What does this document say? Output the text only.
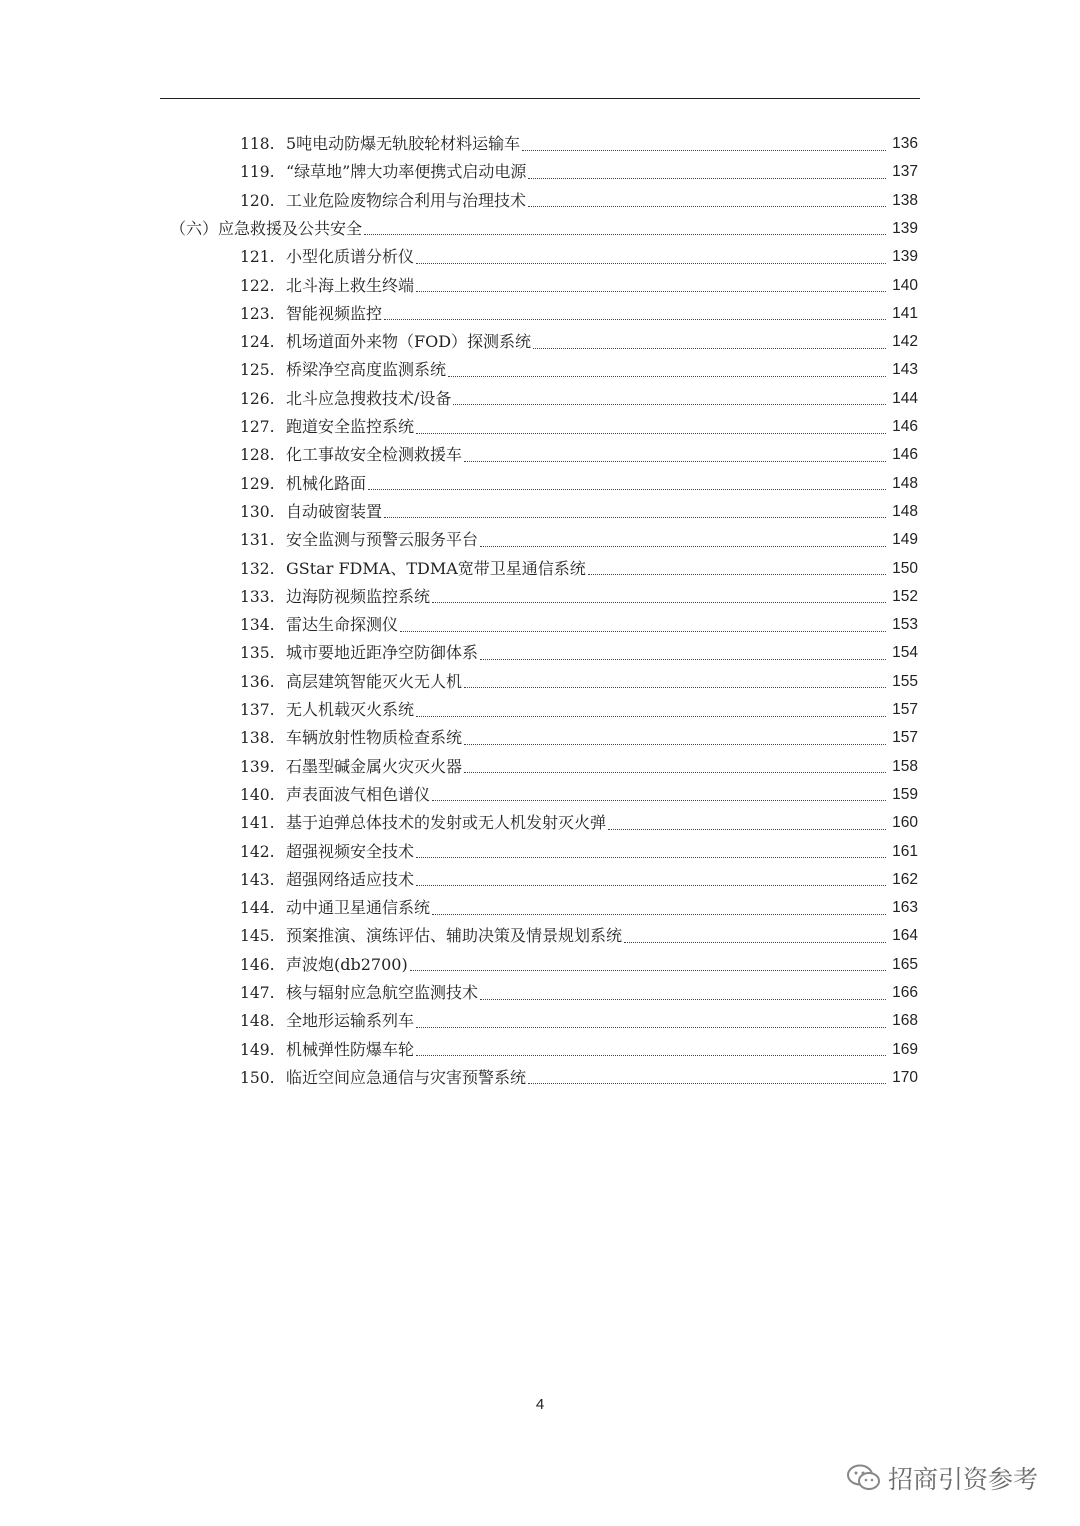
118. 5吨电动防爆无轨胶轮材料运输车	136
119. “绿草地”牌大功率便携式启动电源	137
120. 工业危险废物综合利用与治理技术	138
（六）应急救援及公共安全	139
121. 小型化质谱分析仪	139
122. 北斗海上救生终端	140
123. 智能视频监控	141
124. 机场道面外来物（FOD）探测系统	142
125. 桥梁净空高度监测系统	143
126. 北斗应急搜救技术/设备	144
127. 跑道安全监控系统	146
128. 化工事故安全检测救援车	146
129. 机械化路面	148
130. 自动破窗装置	148
131. 安全监测与预警云服务平台	149
132. GStar FDMA、TDMA宽带卫星通信系统	150
133. 边海防视频监控系统	152
134. 雷达生命探测仪	153
135. 城市要地近距净空防御体系	154
136. 高层建筑智能灭火无人机	155
137. 无人机载灭火系统	157
138. 车辆放射性物质检查系统	157
139. 石墨型碱金属火灾灭火器	158
140. 声表面波气相色谱仪	159
141. 基于迫弹总体技术的发射或无人机发射灭火弹	160
142. 超强视频安全技术	161
143. 超强网络适应技术	162
144. 动中通卫星通信系统	163
145. 预案推演、演练评估、辅助决策及情景规划系统	164
146. 声波炮(db2700)	165
147. 核与辐射应急航空监测技术	166
148. 全地形运输系列车	168
149. 机械弹性防爆车轮	169
150. 临近空间应急通信与灾害预警系统	170
4
招商引资参考
